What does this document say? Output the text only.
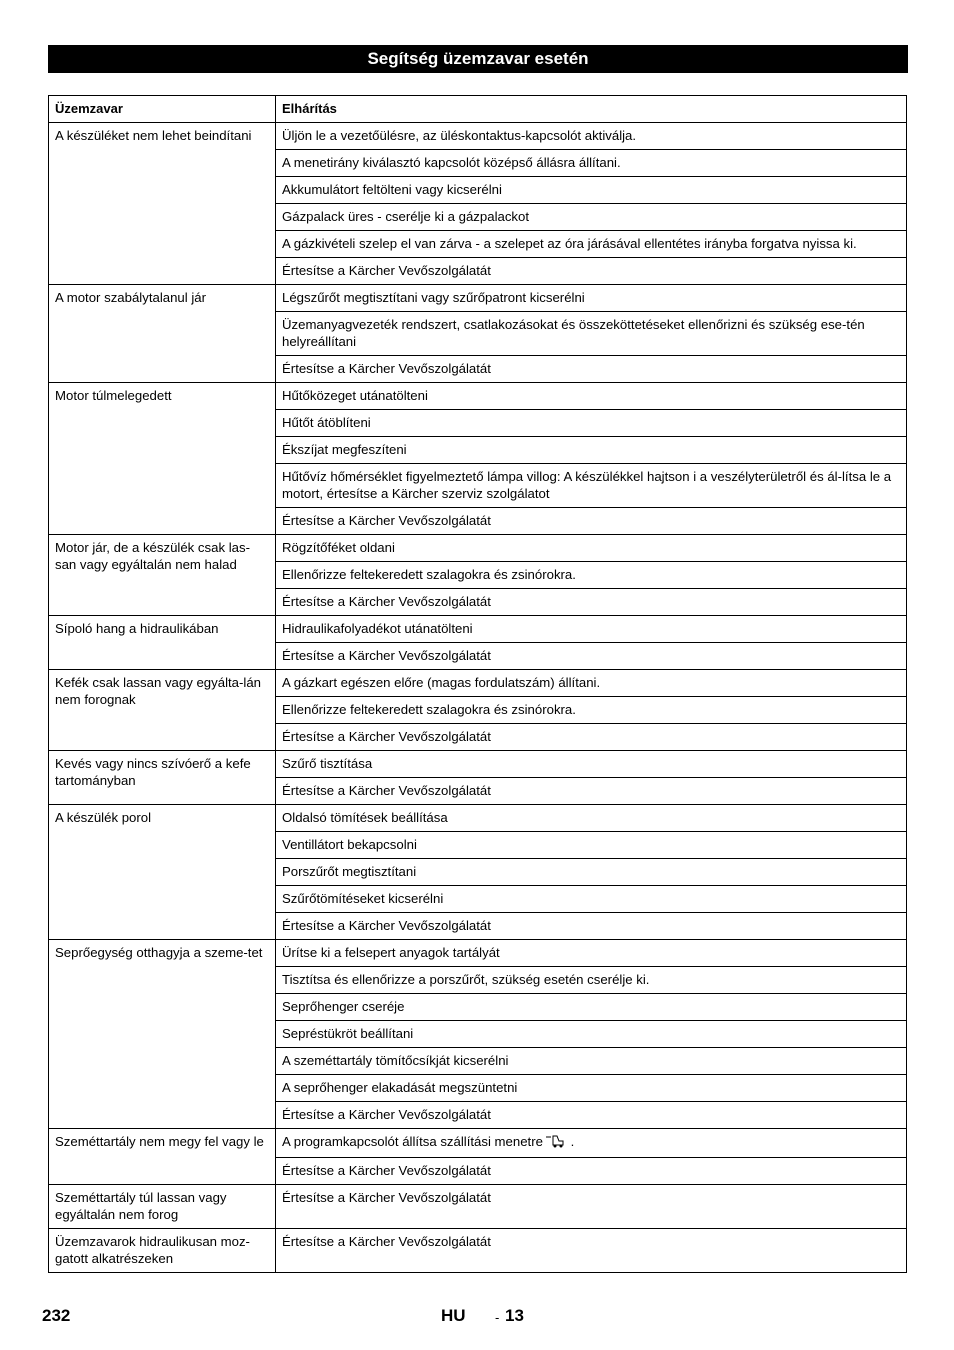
Segítség üzemzavar esetén
Üzemzavar	Elhárítás
A készüléket nem lehet beindítani	Üljön le a vezetőülésre, az üléskontaktus-kapcsolót aktiválja.
	A menetirány kiválasztó kapcsolót középső állásra állítani.
	Akkumulátort feltölteni vagy kicserélni
	Gázpalack üres - cserélje ki a gázpalackot
	A gázkivételi szelep el van zárva - a szelepet az óra járásával ellentétes irányba forgatva nyissa ki.
	Értesítse a Kärcher Vevőszolgálatát
A motor szabálytalanul jár	Légszűrőt megtisztítani vagy szűrőpatront kicserélni
	Üzemanyagvezeték rendszert, csatlakozásokat és összeköttetéseket ellenőrizni és szükség ese-tén helyreállítani
	Értesítse a Kärcher Vevőszolgálatát
Motor túlmelegedett	Hűtőközeget utánatölteni
	Hűtőt átöblíteni
	Ékszíjat megfeszíteni
	Hűtővíz hőmérséklet figyelmeztető lámpa villog: A készülékkel hajtson i a veszélyterületről és ál-lítsa le a motort, értesítse a Kärcher szerviz szolgálatot
	Értesítse a Kärcher Vevőszolgálatát
Motor jár, de a készülék csak las-san vagy egyáltalán nem halad	Rögzítőféket oldani
	Ellenőrizze feltekeredett szalagokra és zsinórokra.
	Értesítse a Kärcher Vevőszolgálatát
Sípoló hang a hidraulikában	Hidraulikafolyadékot utánatölteni
	Értesítse a Kärcher Vevőszolgálatát
Kefék csak lassan vagy egyálta-lán nem forognak	A gázkart egészen előre (magas fordulatszám) állítani.
	Ellenőrizze feltekeredett szalagokra és zsinórokra.
	Értesítse a Kärcher Vevőszolgálatát
Kevés vagy nincs szívóerő a kefe tartományban	Szűrő tisztítása
	Értesítse a Kärcher Vevőszolgálatát
A készülék porol	Oldalsó tömítések beállítása
	Ventillátort bekapcsolni
	Porszűrőt megtisztítani
	Szűrőtömítéseket kicserélni
	Értesítse a Kärcher Vevőszolgálatát
Seprőegység otthagyja a szeme-tet	Ürítse ki a felsepert anyagok tartályát
	Tisztítsa és ellenőrizze a porszűrőt, szükség esetén cserélje ki.
	Seprőhenger cseréje
	Sepréstükröt beállítani
	A szeméttartály tömítőcsíkját kicserélni
	A seprőhenger elakadását megszüntetni
	Értesítse a Kärcher Vevőszolgálatát
Szeméttartály nem megy fel vagy le	A programkapcsolót állítsa szállítási menetre .
	Értesítse a Kärcher Vevőszolgálatát
Szeméttartály túl lassan vagy egyáltalán nem forog	Értesítse a Kärcher Vevőszolgálatát
Üzemzavarok hidraulikusan moz-gatott alkatrészeken	Értesítse a Kärcher Vevőszolgálatát
232	HU - 13
